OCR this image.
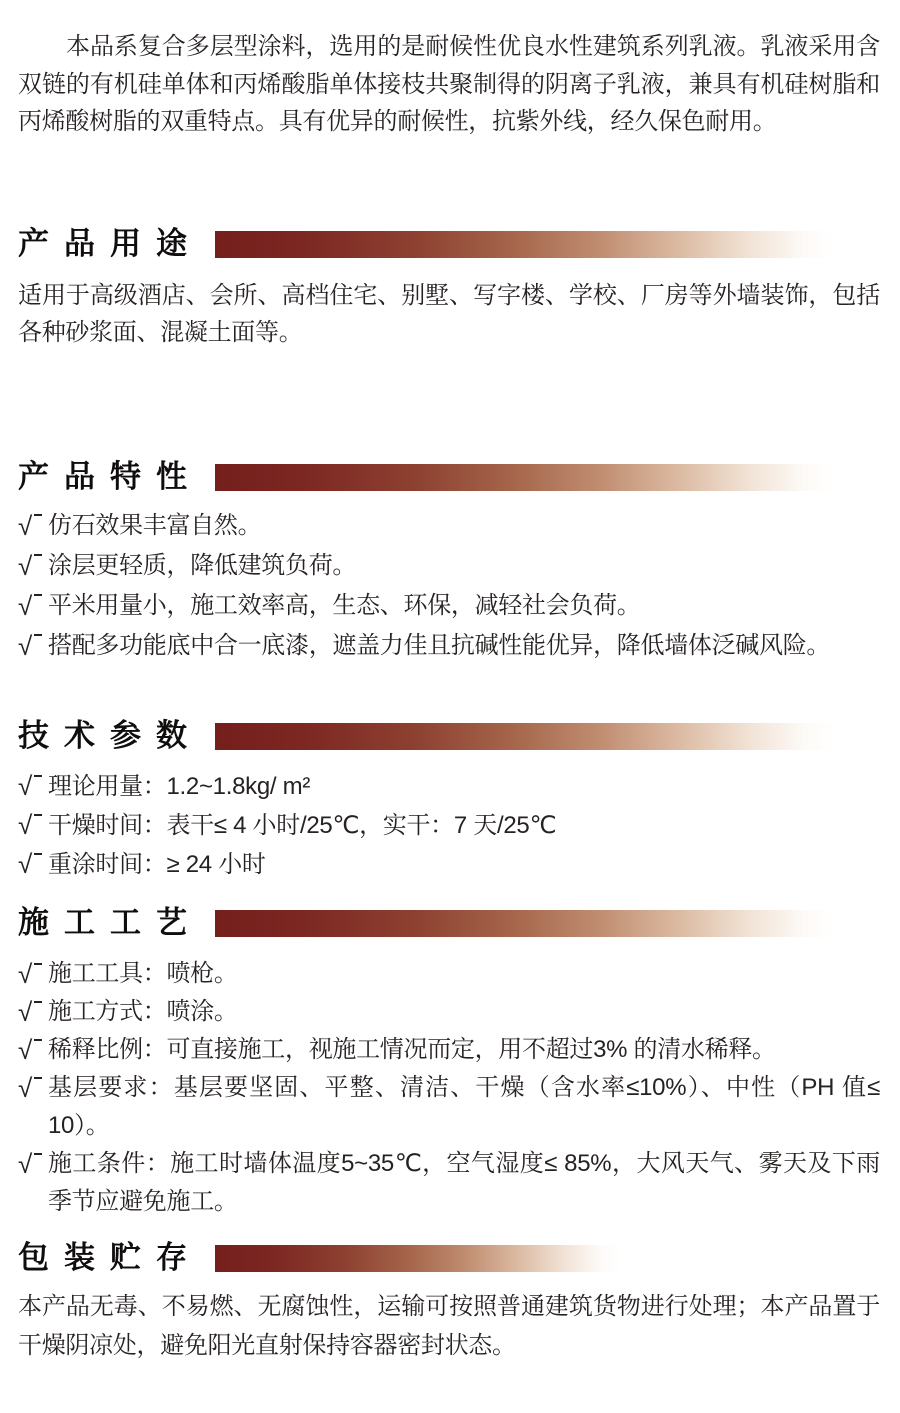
本品系复合多层型涂料，选用的是耐候性优良水性建筑系列乳液。乳液采用含双链的有机硅单体和丙烯酸脂单体接枝共聚制得的阴离子乳液，兼具有机硅树脂和丙烯酸树脂的双重特点。具有优异的耐候性，抗紫外线，经久保色耐用。

产品用途

适用于高级酒店、会所、高档住宅、别墅、写字楼、学校、厂房等外墙装饰，包括各种砂浆面、混凝土面等。

产品特性
√ 仿石效果丰富自然。
√ 涂层更轻质，降低建筑负荷。
√ 平米用量小，施工效率高，生态、环保，减轻社会负荷。
√ 搭配多功能底中合一底漆，遮盖力佳且抗碱性能优异，降低墙体泛碱风险。
技术参数
√ 理论用量：1.2~1.8kg/ m²
√ 干燥时间：表干≤ 4 小时/25℃，实干：7 天/25℃
√ 重涂时间：≥ 24 小时
施工工艺
√ 施工工具：喷枪。
√ 施工方式：喷涂。
√ 稀释比例：可直接施工，视施工情况而定，用不超过3% 的清水稀释。
√ 基层要求：基层要坚固、平整、清洁、干燥（含水率≤10%）、中性（PH 值≤ 10）。
√ 施工条件：施工时墙体温度5~35℃，空气湿度≤ 85%，大风天气、雾天及下雨季节应避免施工。
包装贮存

本产品无毒、不易燃、无腐蚀性，运输可按照普通建筑货物进行处理；本产品置于干燥阴凉处，避免阳光直射保持容器密封状态。
